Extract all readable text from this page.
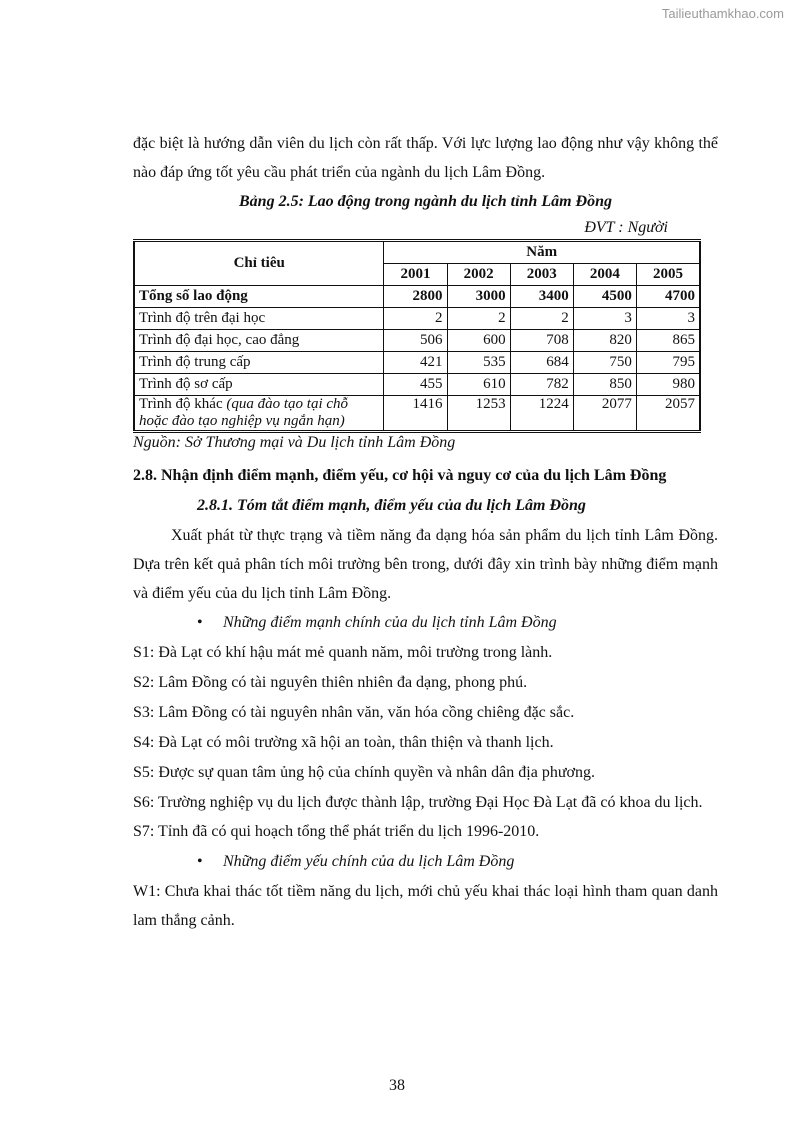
Tailieuthamkhao.com

đặc biệt là hướng dẫn viên du lịch còn rất thấp. Với lực lượng lao động như vậy không thể nào đáp ứng tốt yêu cầu phát triển của ngành du lịch Lâm Đồng.

Bảng 2.5: Lao động trong ngành du lịch tỉnh Lâm Đồng

ĐVT : Người

Chỉ tiêu	Năm				
	2001	2002	2003	2004	2005
Tổng số lao động	2800	3000	3400	4500	4700
Trình độ trên đại học	2	2	2	3	3
Trình độ đại học, cao đẳng	506	600	708	820	865
Trình độ trung cấp	421	535	684	750	795
Trình độ sơ cấp	455	610	782	850	980
Trình độ khác (qua đào tạo tại chỗ hoặc đào tạo nghiệp vụ ngắn hạn)	1416	1253	1224	2077	2057

Nguồn: Sở Thương mại và Du lịch tỉnh Lâm Đồng

2.8. Nhận định điểm mạnh, điểm yếu, cơ hội và nguy cơ của du lịch Lâm Đồng

2.8.1. Tóm tắt điểm mạnh, điểm yếu của du lịch Lâm Đồng

Xuất phát từ thực trạng và tiềm năng đa dạng hóa sản phẩm du lịch tỉnh Lâm Đồng. Dựa trên kết quả phân tích môi trường bên trong, dưới đây xin trình bày những điểm mạnh và điểm yếu của du lịch tỉnh Lâm Đồng.

• Những điểm mạnh chính của du lịch tỉnh Lâm Đồng

S1: Đà Lạt có khí hậu mát mẻ quanh năm, môi trường trong lành.

S2: Lâm Đồng có tài nguyên thiên nhiên đa dạng, phong phú.

S3: Lâm Đồng có tài nguyên nhân văn, văn hóa cồng chiêng đặc sắc.

S4: Đà Lạt có môi trường xã hội an toàn, thân thiện và thanh lịch.

S5: Được sự quan tâm ủng hộ của chính quyền và nhân dân địa phương.

S6: Trường nghiệp vụ du lịch được thành lập, trường Đại Học Đà Lạt đã có khoa du lịch.

S7: Tỉnh đã có qui hoạch tổng thể phát triển du lịch 1996-2010.

• Những điểm yếu chính của du lịch Lâm Đồng

W1: Chưa khai thác tốt tiềm năng du lịch, mới chủ yếu khai thác loại hình tham quan danh lam thắng cảnh.

38
